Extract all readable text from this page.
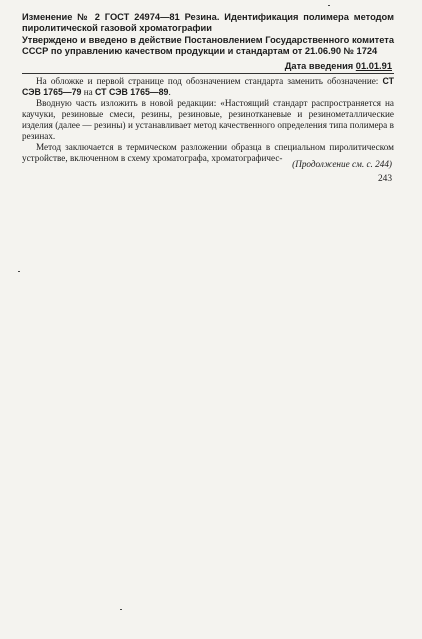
Изменение № 2 ГОСТ 24974—81 Резина. Идентификация полимера методом пиролитической газовой хроматографии
Утверждено и введено в действие Постановлением Государственного комитета СССР по управлению качеством продукции и стандартам от 21.06.90 № 1724
Дата введения 01.01.91

На обложке и первой странице под обозначением стандарта заменить обозначение: СТ СЭВ 1765—79 на СТ СЭВ 1765—89.

Вводную часть изложить в новой редакции: «Настоящий стандарт распространяется на каучуки, резиновые смеси, резины, резиновые, резинотканевые и резинометаллические изделия (далее — резины) и устанавливает метод качественного определения типа полимера в резинах.

Метод заключается в термическом разложении образца в специальном пиролитическом устройстве, включенном в схему хроматографа, хроматографичес-

(Продолжение см. с. 244)
243
